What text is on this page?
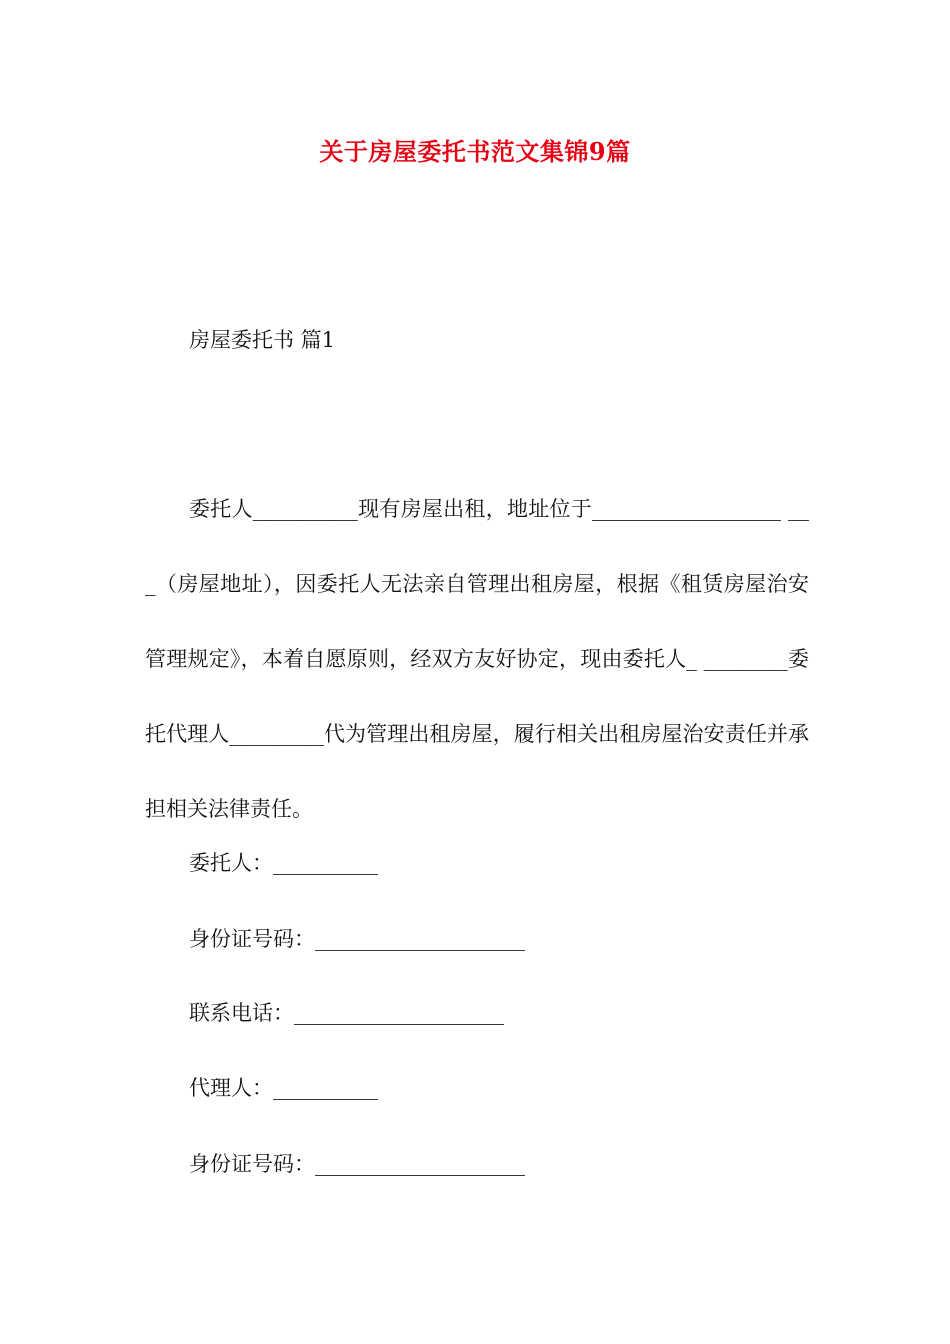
关于房屋委托书范文集锦9篇
房屋委托书 篇1
委托人__________现有房屋出租，地址位于__________________ ___（房屋地址），因委托人无法亲自管理出租房屋，根据《租赁房屋治安管理规定》，本着自愿原则，经双方友好协定，现由委托人_ ________委托代理人_________代为管理出租房屋，履行相关出租房屋治安责任并承担相关法律责任。
委托人：__________
身份证号码：____________________
联系电话：____________________
代理人：__________
身份证号码：____________________
